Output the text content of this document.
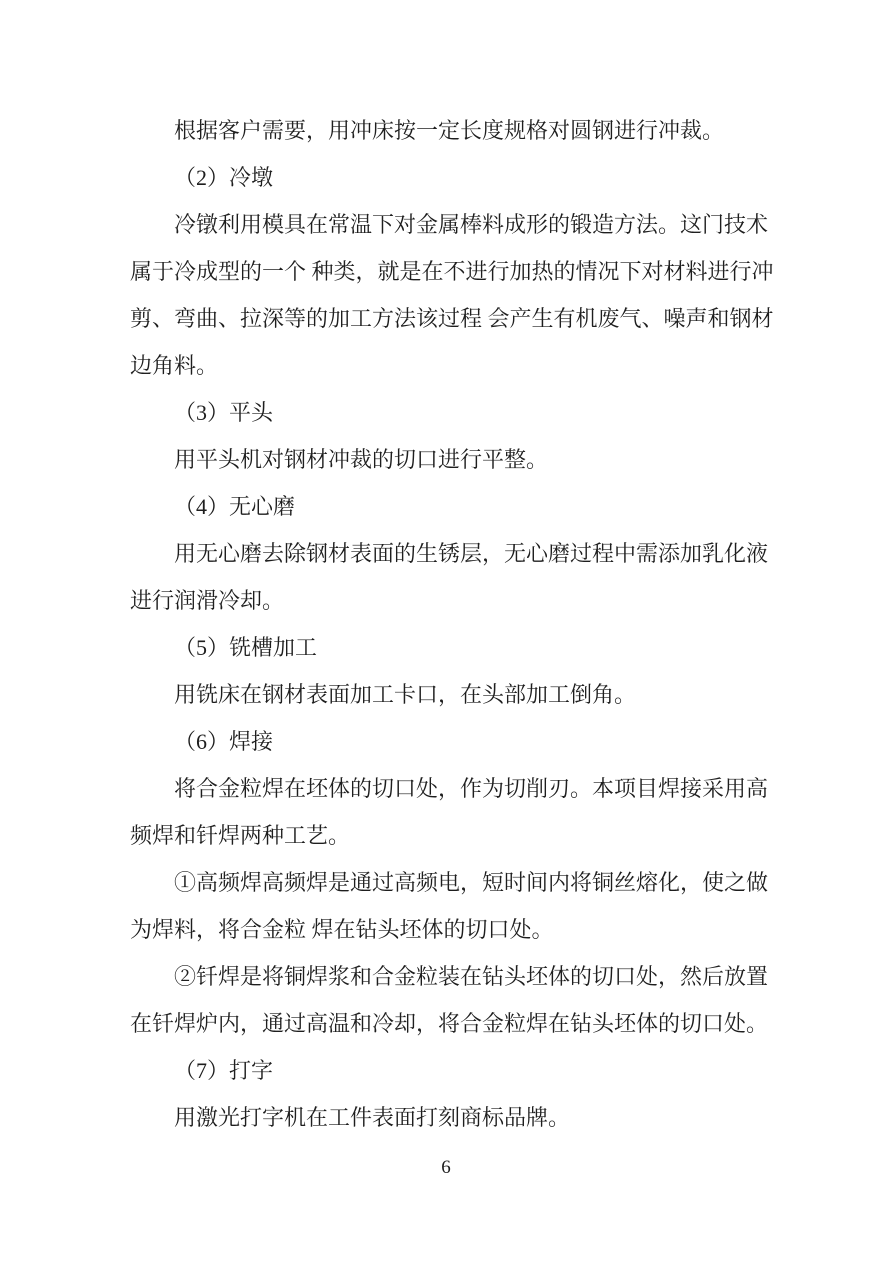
根据客户需要，用冲床按一定长度规格对圆钢进行冲裁。

（2）冷墩

冷镦利用模具在常温下对金属棒料成形的锻造方法。这门技术

属于冷成型的一个 种类，就是在不进行加热的情况下对材料进行冲

剪、弯曲、拉深等的加工方法该过程 会产生有机废气、噪声和钢材

边角料。

（3）平头

用平头机对钢材冲裁的切口进行平整。

（4）无心磨

用无心磨去除钢材表面的生锈层，无心磨过程中需添加乳化液

进行润滑冷却。

（5）铣槽加工

用铣床在钢材表面加工卡口，在头部加工倒角。

（6）焊接

将合金粒焊在坯体的切口处，作为切削刃。本项目焊接采用高

频焊和钎焊两种工艺。

①高频焊高频焊是通过高频电，短时间内将铜丝熔化，使之做

为焊料，将合金粒 焊在钻头坯体的切口处。

②钎焊是将铜焊浆和合金粒装在钻头坯体的切口处，然后放置

在钎焊炉内，通过高温和冷却，将合金粒焊在钻头坯体的切口处。

（7）打字

用激光打字机在工件表面打刻商标品牌。

6
